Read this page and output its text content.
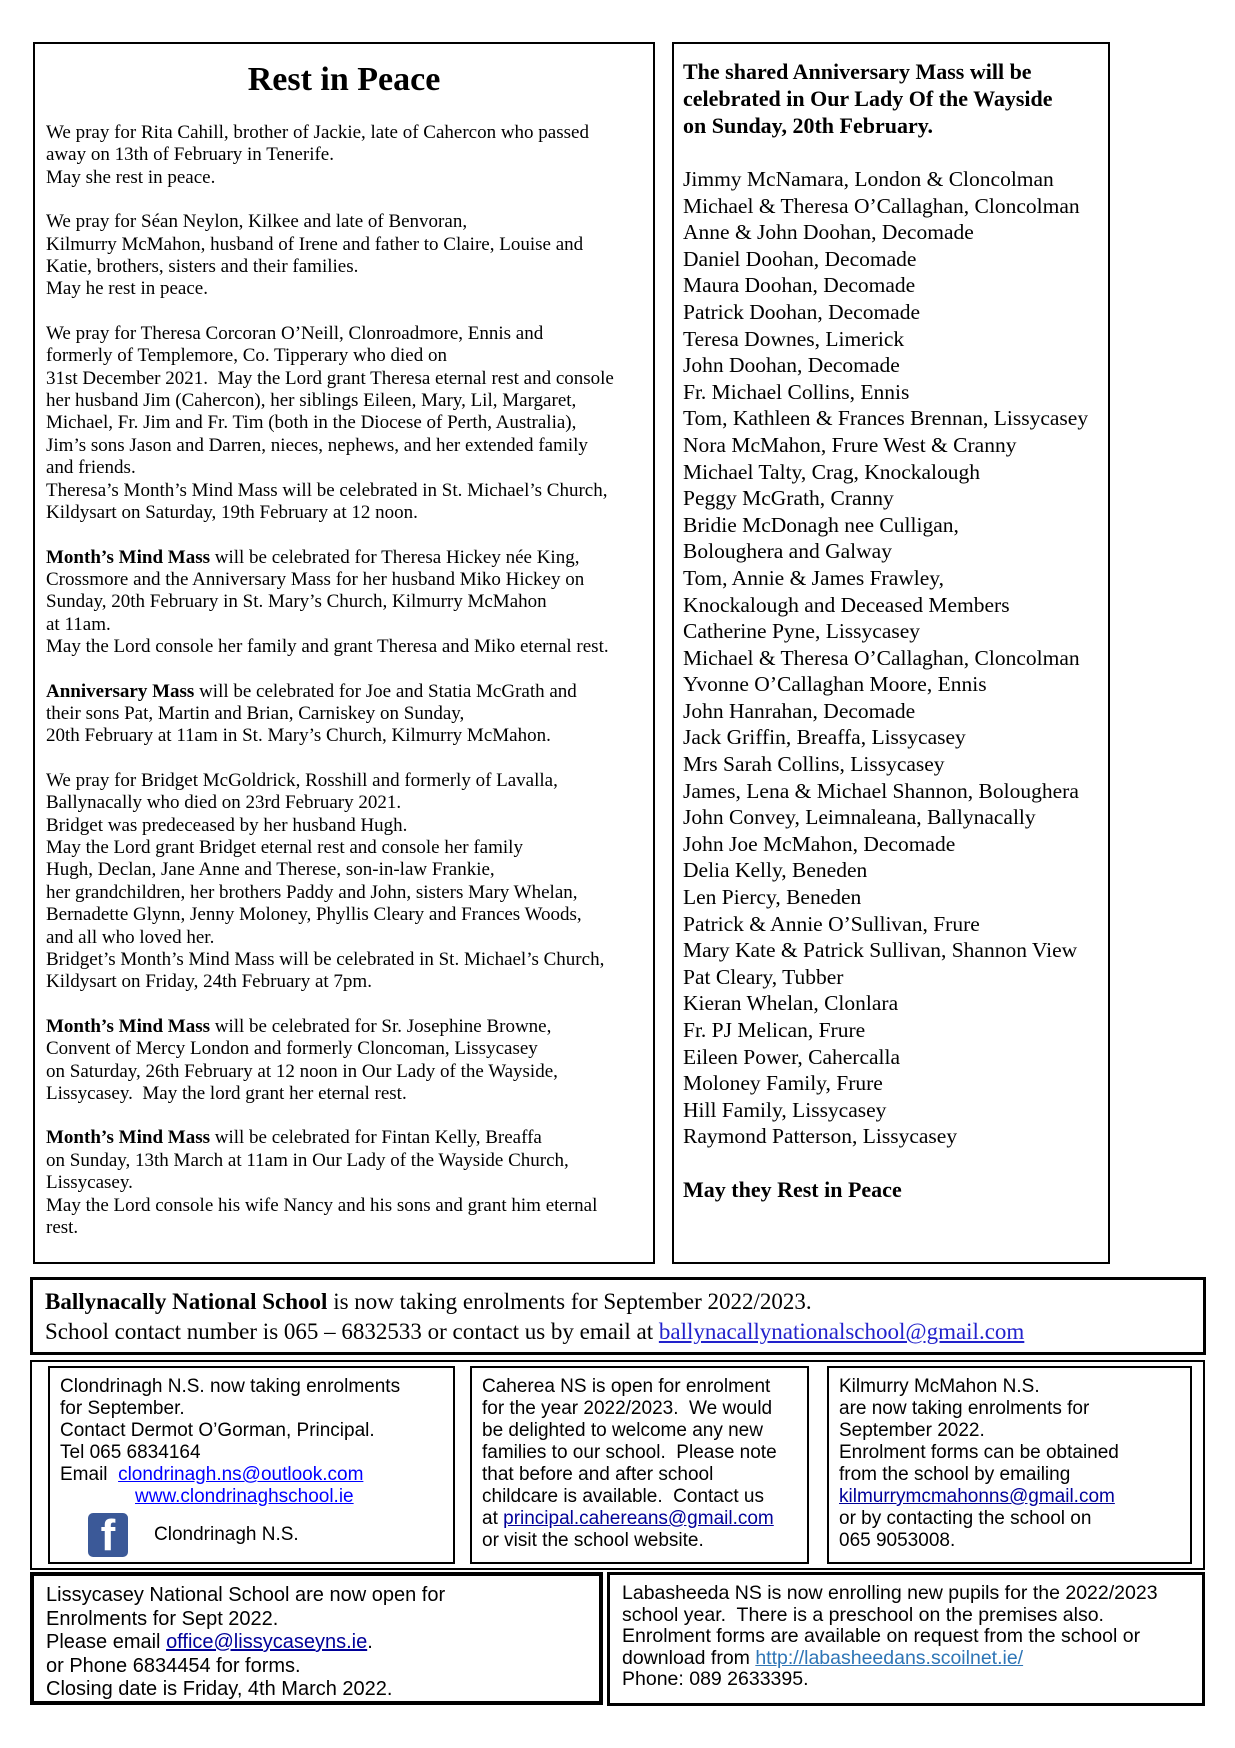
Rest in Peace

We pray for Rita Cahill, brother of Jackie, late of Cahercon who passed
away on 13th of February in Tenerife.
May she rest in peace.

We pray for Séan Neylon, Kilkee and late of Benvoran,
Kilmurry McMahon, husband of Irene and father to Claire, Louise and
Katie, brothers, sisters and their families.
May he rest in peace.

We pray for Theresa Corcoran O’Neill, Clonroadmore, Ennis and
formerly of Templemore, Co. Tipperary who died on
31st December 2021.  May the Lord grant Theresa eternal rest and console
her husband Jim (Cahercon), her siblings Eileen, Mary, Lil, Margaret,
Michael, Fr. Jim and Fr. Tim (both in the Diocese of Perth, Australia),
Jim’s sons Jason and Darren, nieces, nephews, and her extended family
and friends.
Theresa’s Month’s Mind Mass will be celebrated in St. Michael’s Church,
Kildysart on Saturday, 19th February at 12 noon.

Month’s Mind Mass will be celebrated for Theresa Hickey née King,
Crossmore and the Anniversary Mass for her husband Miko Hickey on
Sunday, 20th February in St. Mary’s Church, Kilmurry McMahon
at 11am.
May the Lord console her family and grant Theresa and Miko eternal rest.

Anniversary Mass will be celebrated for Joe and Statia McGrath and
their sons Pat, Martin and Brian, Carniskey on Sunday,
20th February at 11am in St. Mary’s Church, Kilmurry McMahon.

We pray for Bridget McGoldrick, Rosshill and formerly of Lavalla,
Ballynacally who died on 23rd February 2021.
Bridget was predeceased by her husband Hugh.
May the Lord grant Bridget eternal rest and console her family
Hugh, Declan, Jane Anne and Therese, son-in-law Frankie,
her grandchildren, her brothers Paddy and John, sisters Mary Whelan,
Bernadette Glynn, Jenny Moloney, Phyllis Cleary and Frances Woods,
and all who loved her.
Bridget’s Month’s Mind Mass will be celebrated in St. Michael’s Church,
Kildysart on Friday, 24th February at 7pm.

Month’s Mind Mass will be celebrated for Sr. Josephine Browne,
Convent of Mercy London and formerly Cloncoman, Lissycasey
on Saturday, 26th February at 12 noon in Our Lady of the Wayside,
Lissycasey.  May the lord grant her eternal rest.

Month’s Mind Mass will be celebrated for Fintan Kelly, Breaffa
on Sunday, 13th March at 11am in Our Lady of the Wayside Church,
Lissycasey.
May the Lord console his wife Nancy and his sons and grant him eternal
rest.

The shared Anniversary Mass will be
celebrated in Our Lady Of the Wayside
on Sunday, 20th February.

Jimmy McNamara, London & Cloncolman
Michael & Theresa O’Callaghan, Cloncolman
Anne & John Doohan, Decomade
Daniel Doohan, Decomade
Maura Doohan, Decomade
Patrick Doohan, Decomade
Teresa Downes, Limerick
John Doohan, Decomade
Fr. Michael Collins, Ennis
Tom, Kathleen & Frances Brennan, Lissycasey
Nora McMahon, Frure West & Cranny
Michael Talty, Crag, Knockalough
Peggy McGrath, Cranny
Bridie McDonagh nee Culligan,
Boloughera and Galway
Tom, Annie & James Frawley,
Knockalough and Deceased Members
Catherine Pyne, Lissycasey
Michael & Theresa O’Callaghan, Cloncolman
Yvonne O’Callaghan Moore, Ennis
John Hanrahan, Decomade
Jack Griffin, Breaffa, Lissycasey
Mrs Sarah Collins, Lissycasey
James, Lena & Michael Shannon, Boloughera
John Convey, Leimnaleana, Ballynacally
John Joe McMahon, Decomade
Delia Kelly, Beneden
Len Piercy, Beneden
Patrick & Annie O’Sullivan, Frure
Mary Kate & Patrick Sullivan, Shannon View
Pat Cleary, Tubber
Kieran Whelan, Clonlara
Fr. PJ Melican, Frure
Eileen Power, Cahercalla
Moloney Family, Frure
Hill Family, Lissycasey
Raymond Patterson, Lissycasey
May they Rest in Peace

Ballynacally National School is now taking enrolments for September 2022/2023.
School contact number is 065 – 6832533 or contact us by email at ballynacallynationalschool@gmail.com

Clondrinagh N.S. now taking enrolments
for September.
Contact Dermot O’Gorman, Principal.
Tel 065 6834164
Email  clondrinagh.ns@outlook.com
www.clondrinaghschool.ie

f	Clondrinagh N.S.

Caherea NS is open for enrolment
for the year 2022/2023.  We would
be delighted to welcome any new
families to our school.  Please note
that before and after school
childcare is available.  Contact us
at principal.cahereans@gmail.com
or visit the school website.

Kilmurry McMahon N.S.
are now taking enrolments for
September 2022.
Enrolment forms can be obtained
from the school by emailing
kilmurrymcmahonns@gmail.com
or by contacting the school on
065 9053008.

Lissycasey National School are now open for
Enrolments for Sept 2022.
Please email office@lissycaseyns.ie.
or Phone 6834454 for forms.
Closing date is Friday, 4th March 2022.

Labasheeda NS is now enrolling new pupils for the 2022/2023
school year.  There is a preschool on the premises also.
Enrolment forms are available on request from the school or
download from http://labasheedans.scoilnet.ie/
Phone: 089 2633395.
